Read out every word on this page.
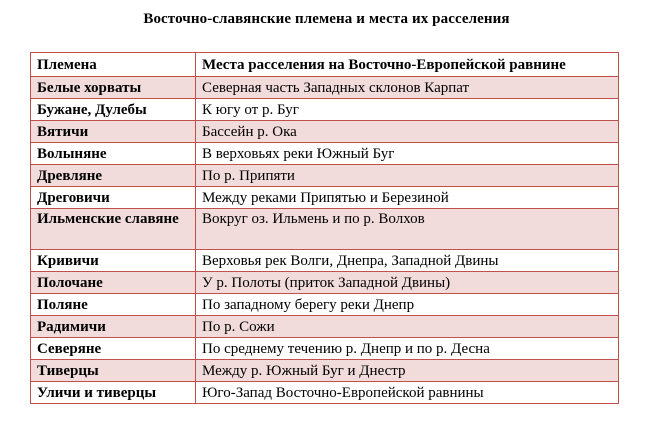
Восточно-славянские племена и места их расселения
Племена	Места расселения на Восточно-Европейской равнине
Белые хорваты	Северная часть Западных склонов Карпат
Бужане, Дулебы	К югу от р. Буг
Вятичи	Бассейн р. Ока
Волыняне	В верховьях реки Южный Буг
Древляне	По р. Припяти
Дреговичи	Между реками Припятью и Березиной
Ильменские славяне	Вокруг оз. Ильмень и по р. Волхов
Кривичи	Верховья рек Волги, Днепра, Западной Двины
Полочане	У р. Полоты (приток Западной Двины)
Поляне	По западному берегу реки Днепр
Радимичи	По р. Сожи
Северяне	По среднему течению р. Днепр и по р. Десна
Тиверцы	Между р. Южный Буг и Днестр
Уличи и тиверцы	Юго-Запад Восточно-Европейской равнины
